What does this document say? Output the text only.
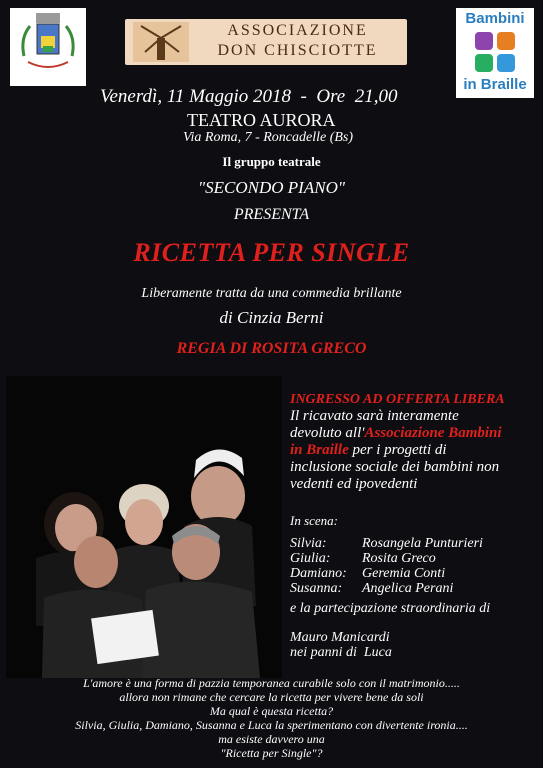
ASSOCIAZIONE
DON CHISCIOTTE
Bambini
in Braille
Venerdì, 11 Maggio 2018  -  Ore  21,00
TEATRO AURORA
Via Roma, 7 - Roncadelle (Bs)
Il gruppo teatrale
"SECONDO PIANO"
PRESENTA
RICETTA PER SINGLE
Liberamente tratta da una commedia brillante
di Cinzia Berni
REGIA DI ROSITA GRECO
INGRESSO AD OFFERTA LIBERA
Il ricavato sarà interamente
devoluto all'Associazione Bambini
in Braille per i progetti di
inclusione sociale dei bambini non
vedenti ed ipovedenti
In scena:
Silvia:	Rosangela Punturieri
Giulia: Rosita Greco
Damiano: Geremia Conti
Susanna: Angelica Perani
e la partecipazione straordinaria di
Mauro Manicardi
nei panni di  Luca
L'amore è una forma di pazzia temporanea curabile solo con il matrimonio.....
allora non rimane che cercare la ricetta per vivere bene da soli
Ma qual è questa ricetta?
Silvia, Giulia, Damiano, Susanna e Luca la sperimentano con divertente ironia....
ma esiste davvero una
"Ricetta per Single"?
